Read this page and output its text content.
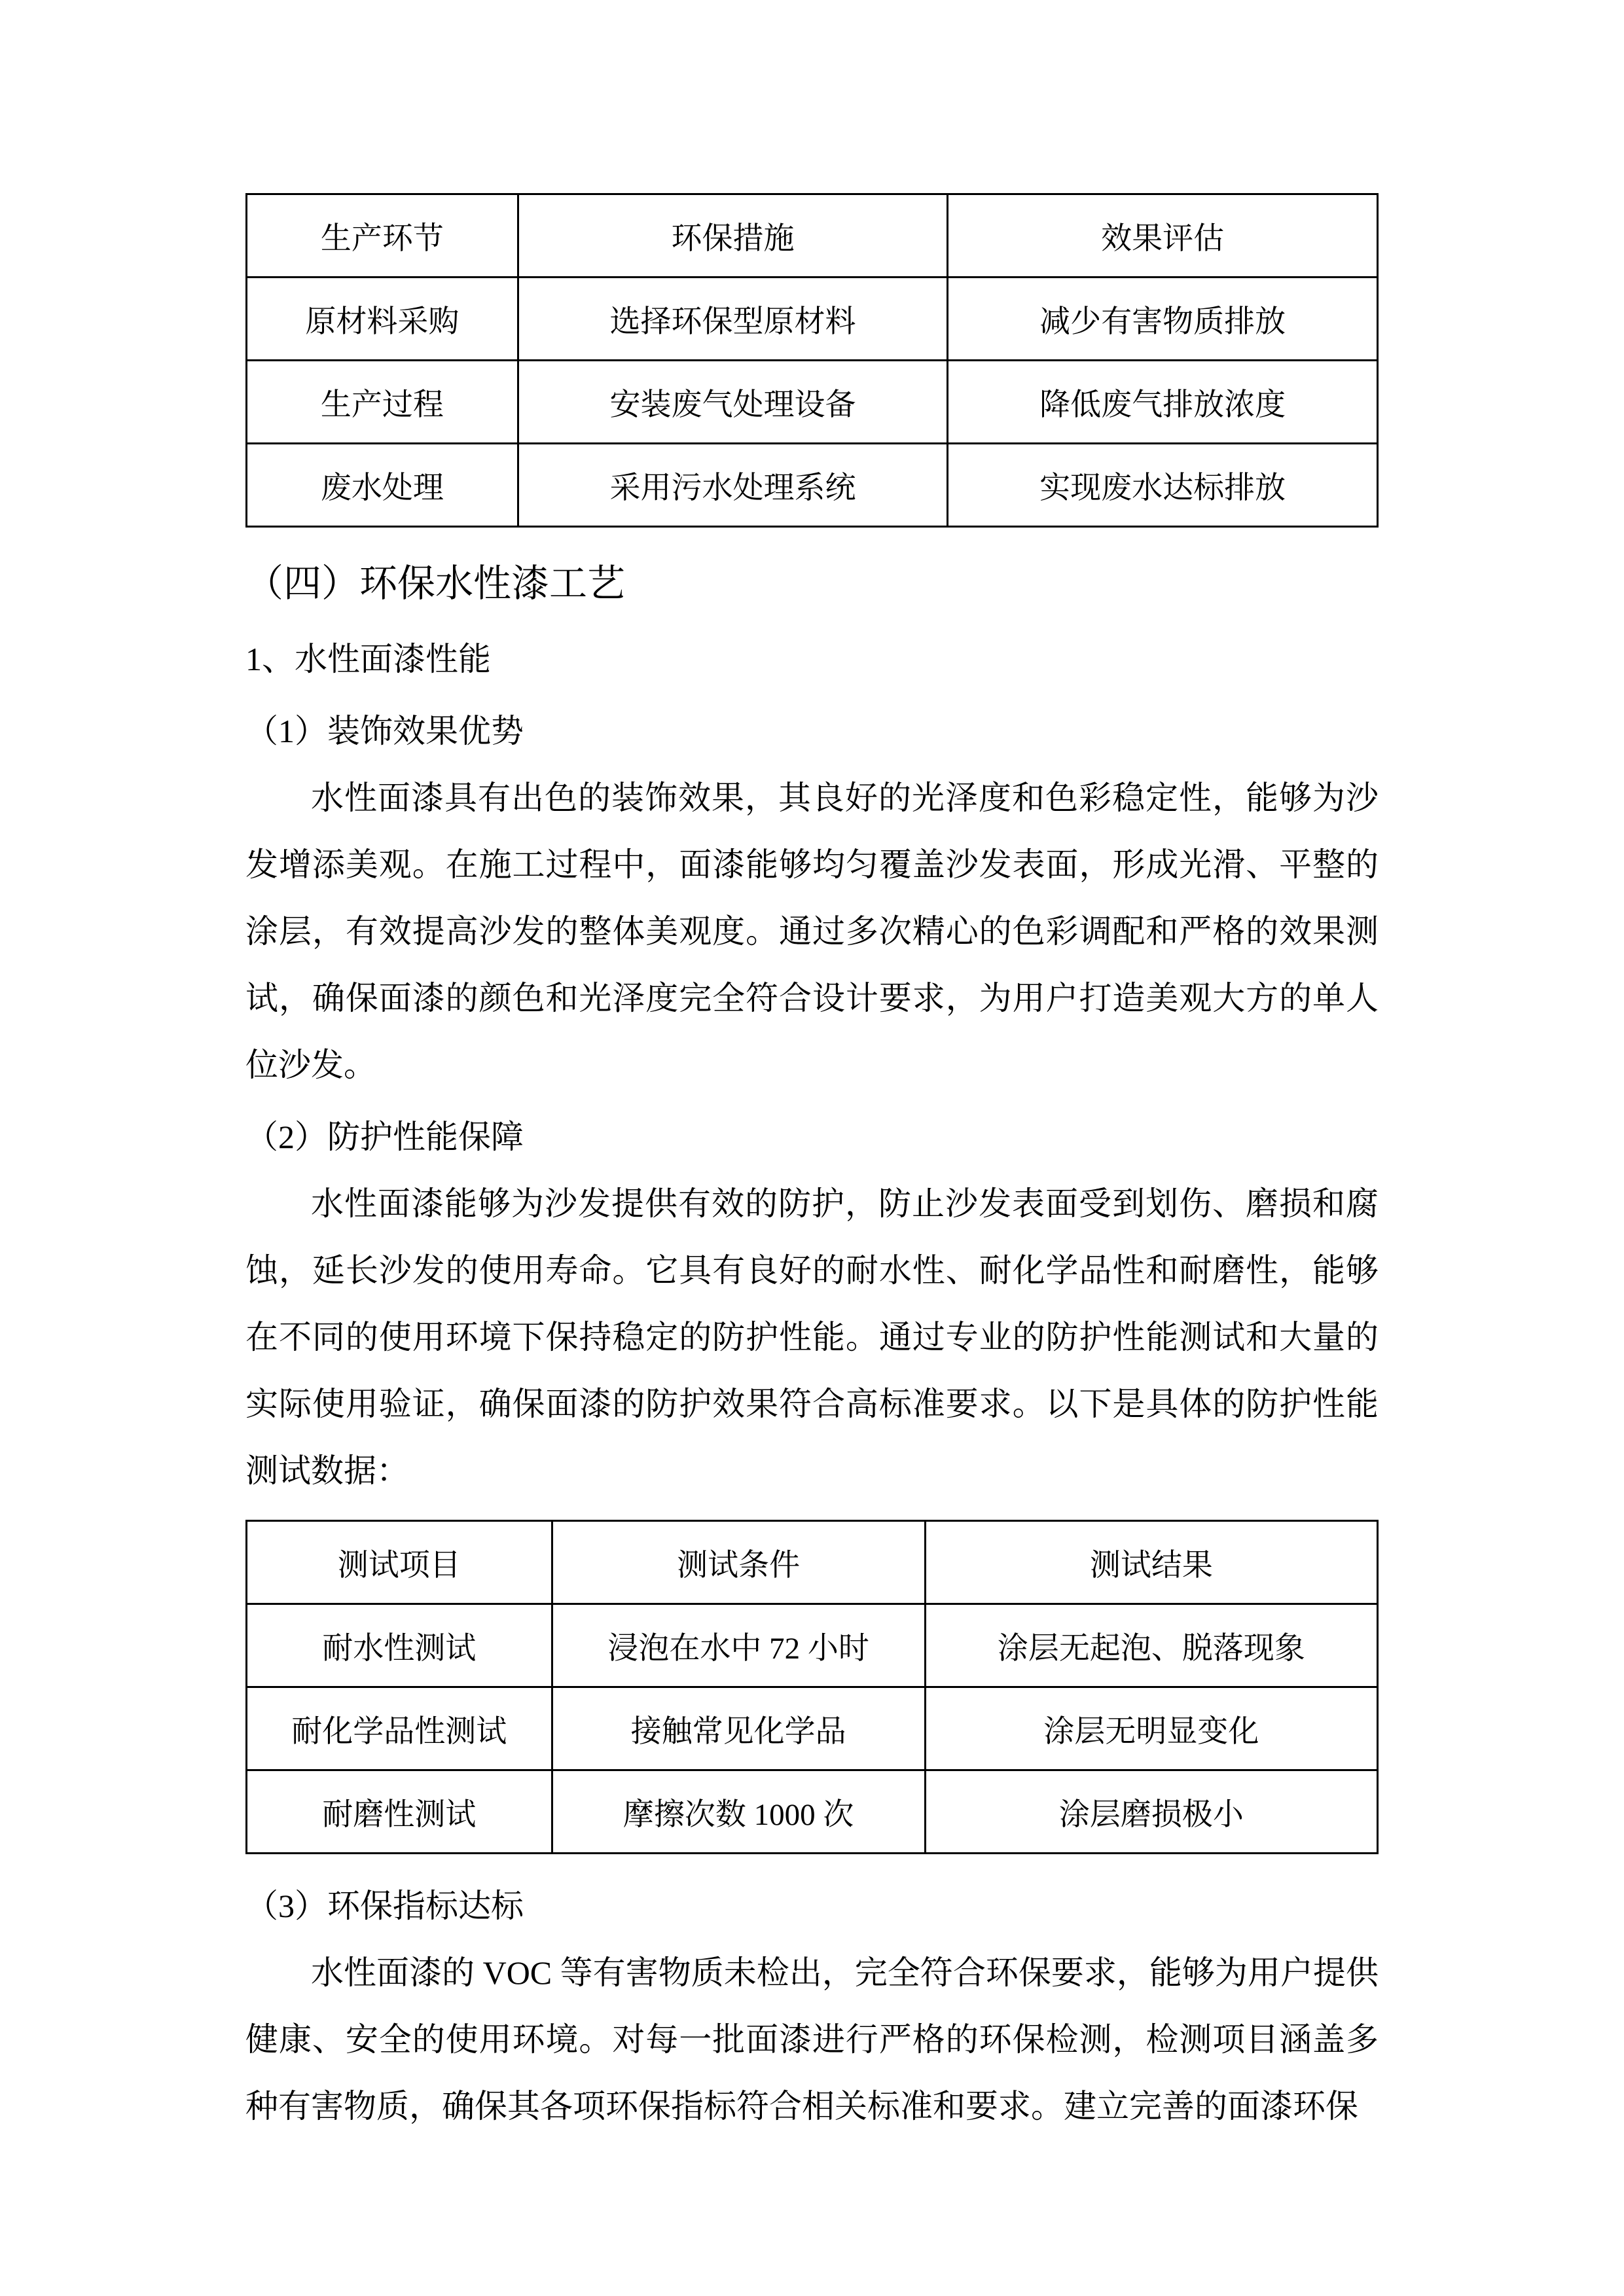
生产环节	环保措施	效果评估
原材料采购	选择环保型原材料	减少有害物质排放
生产过程	安装废气处理设备	降低废气排放浓度
废水处理	采用污水处理系统	实现废水达标排放
（四）环保水性漆工艺
1、水性面漆性能
（1）装饰效果优势

水性面漆具有出色的装饰效果，其良好的光泽度和色彩稳定性，能够为沙发增添美观。在施工过程中，面漆能够均匀覆盖沙发表面，形成光滑、平整的涂层，有效提高沙发的整体美观度。通过多次精心的色彩调配和严格的效果测试，确保面漆的颜色和光泽度完全符合设计要求，为用户打造美观大方的单人位沙发。

（2）防护性能保障

水性面漆能够为沙发提供有效的防护，防止沙发表面受到划伤、磨损和腐蚀，延长沙发的使用寿命。它具有良好的耐水性、耐化学品性和耐磨性，能够在不同的使用环境下保持稳定的防护性能。通过专业的防护性能测试和大量的实际使用验证，确保面漆的防护效果符合高标准要求。以下是具体的防护性能测试数据：

测试项目	测试条件	测试结果
耐水性测试	浸泡在水中 72 小时	涂层无起泡、脱落现象
耐化学品性测试	接触常见化学品	涂层无明显变化
耐磨性测试	摩擦次数 1000 次	涂层磨损极小
（3）环保指标达标

水性面漆的 VOC 等有害物质未检出，完全符合环保要求，能够为用户提供健康、安全的使用环境。对每一批面漆进行严格的环保检测，检测项目涵盖多种有害物质，确保其各项环保指标符合相关标准和要求。建立完善的面漆环保
